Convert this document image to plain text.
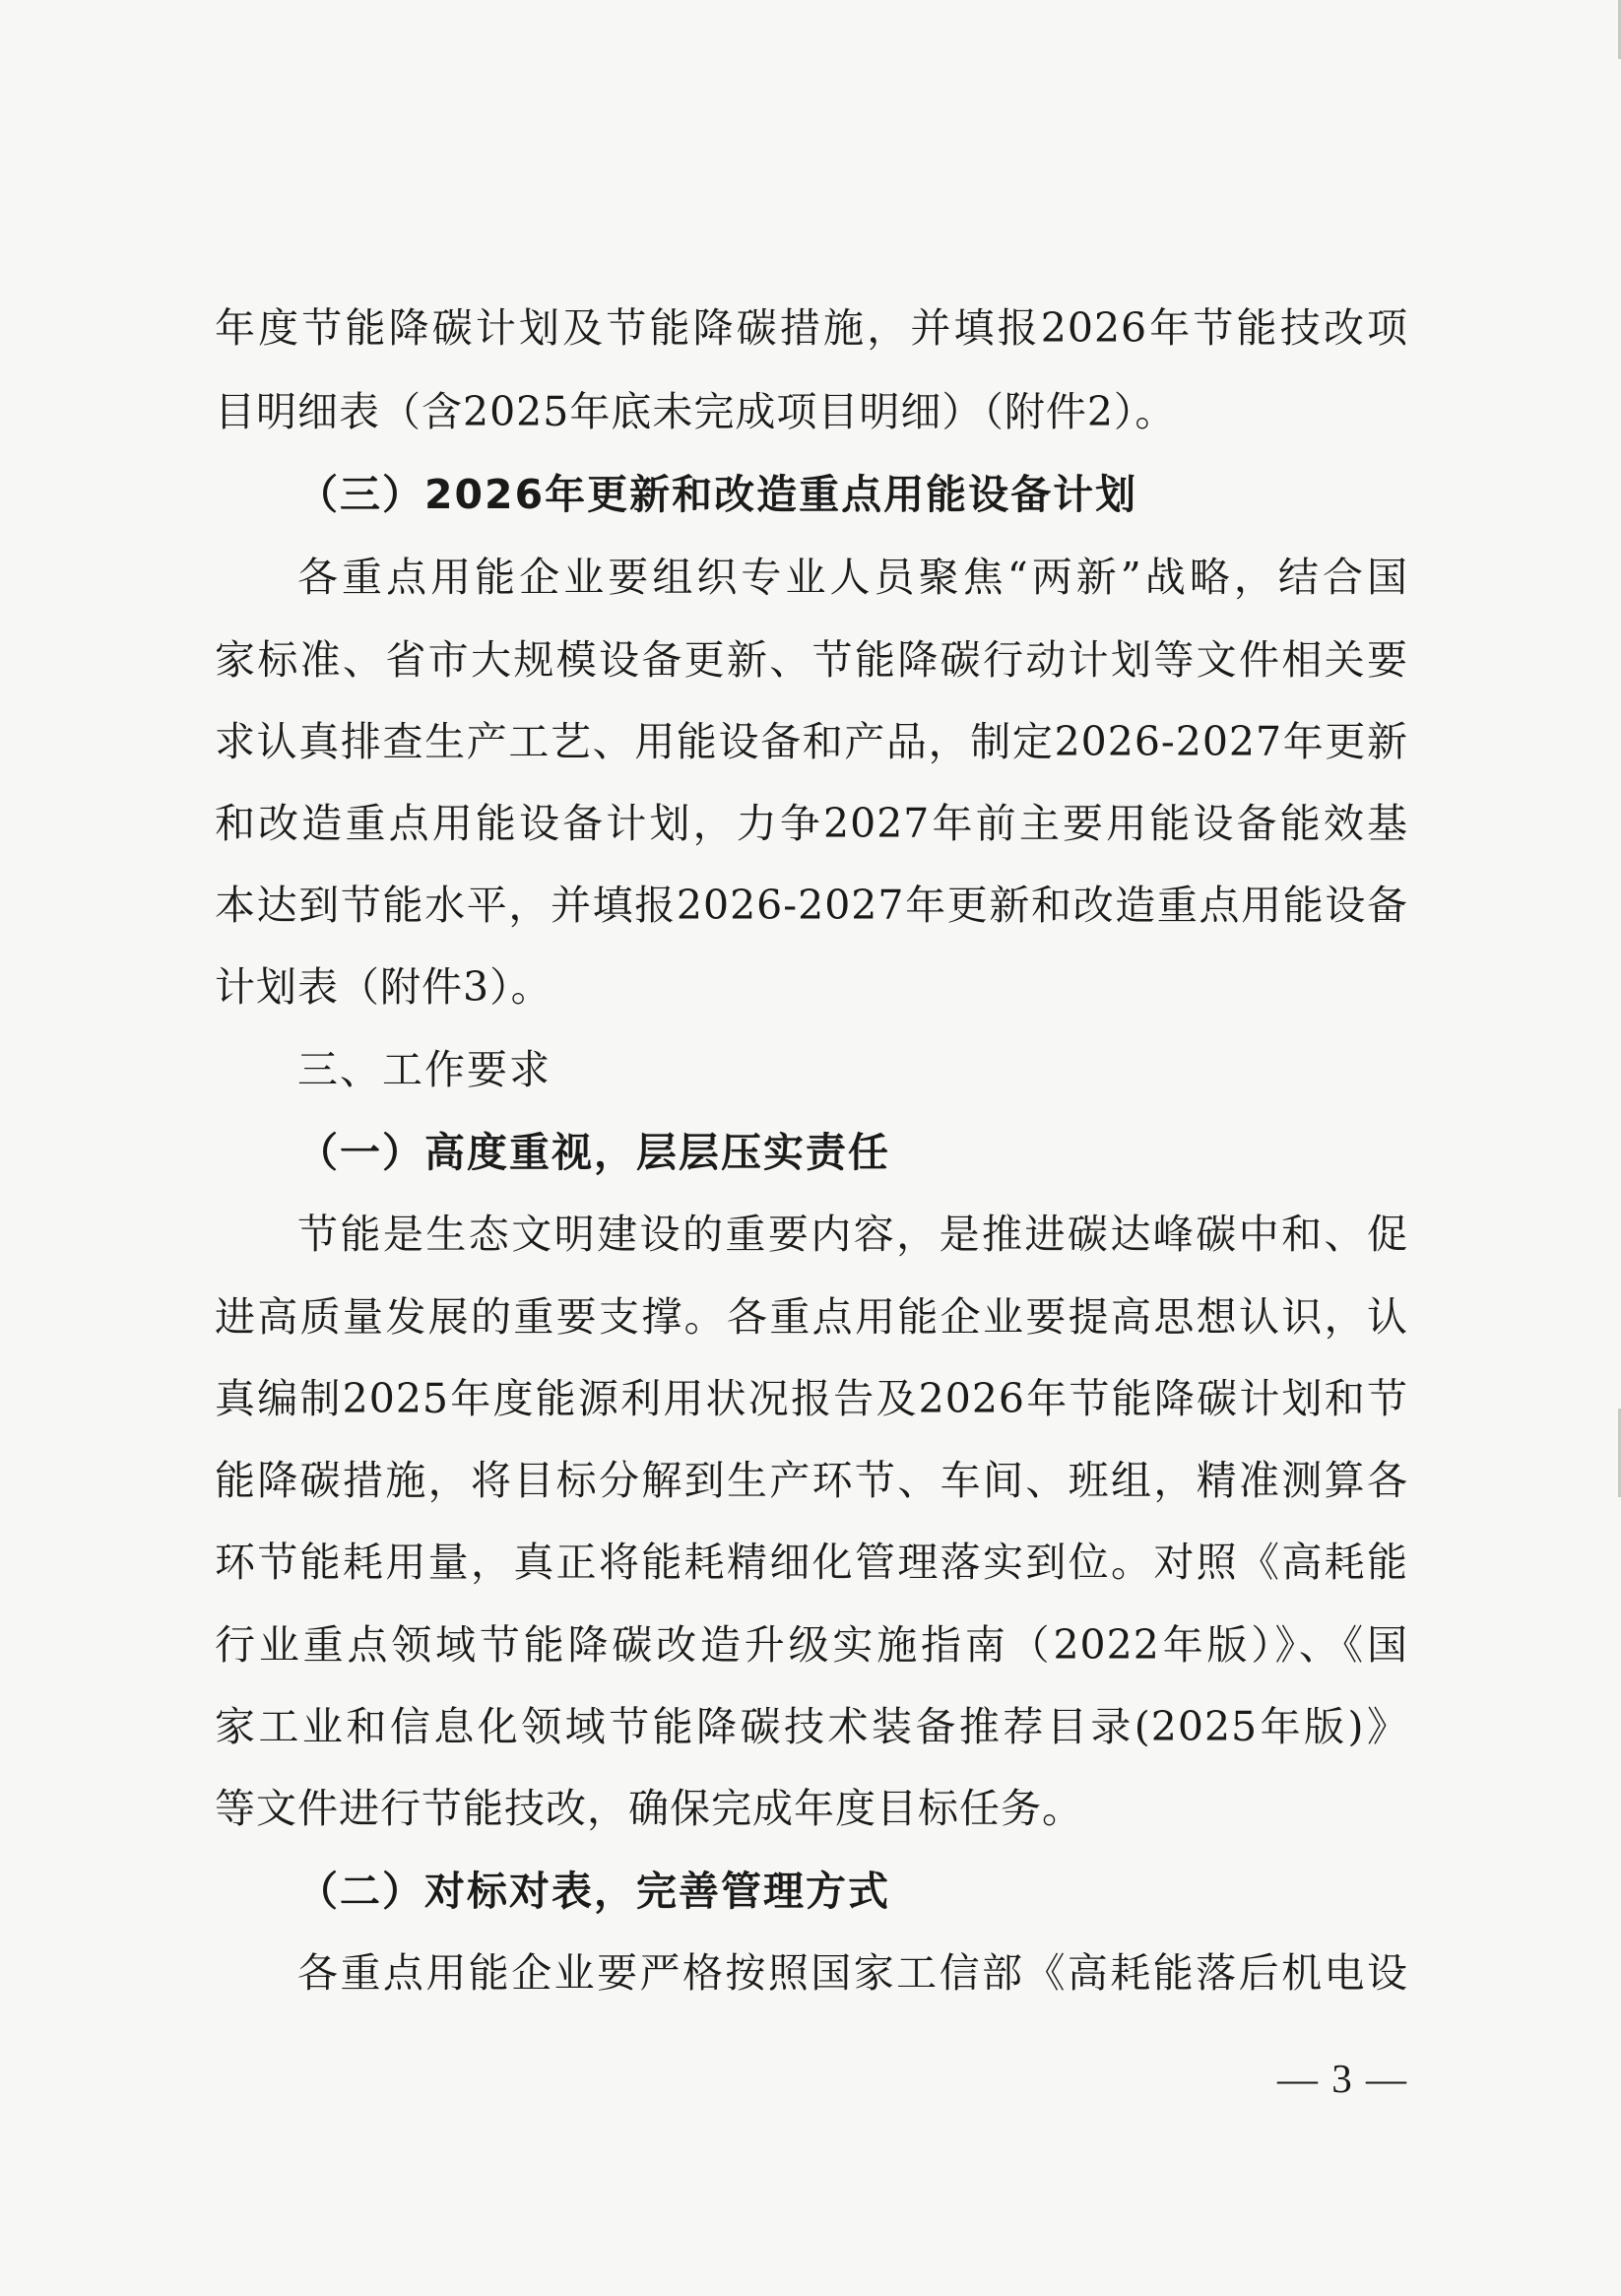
年度节能降碳计划及节能降碳措施，并填报2026年节能技改项
目明细表（含2025年底未完成项目明细）（附件2）。
（三）2026年更新和改造重点用能设备计划
各重点用能企业要组织专业人员聚焦“两新”战略，结合国
家标准、省市大规模设备更新、节能降碳行动计划等文件相关要
求认真排查生产工艺、用能设备和产品，制定2026-2027年更新
和改造重点用能设备计划，力争2027年前主要用能设备能效基
本达到节能水平，并填报2026-2027年更新和改造重点用能设备
计划表（附件3）。
三、工作要求
（一）高度重视，层层压实责任
节能是生态文明建设的重要内容，是推进碳达峰碳中和、促
进高质量发展的重要支撑。各重点用能企业要提高思想认识，认
真编制2025年度能源利用状况报告及2026年节能降碳计划和节
能降碳措施，将目标分解到生产环节、车间、班组，精准测算各
环节能耗用量，真正将能耗精细化管理落实到位。对照《高耗能
行业重点领域节能降碳改造升级实施指南（2022年版）》、《国
家工业和信息化领域节能降碳技术装备推荐目录(2025年版)》
等文件进行节能技改，确保完成年度目标任务。
（二）对标对表，完善管理方式
各重点用能企业要严格按照国家工信部《高耗能落后机电设
— 3 —
